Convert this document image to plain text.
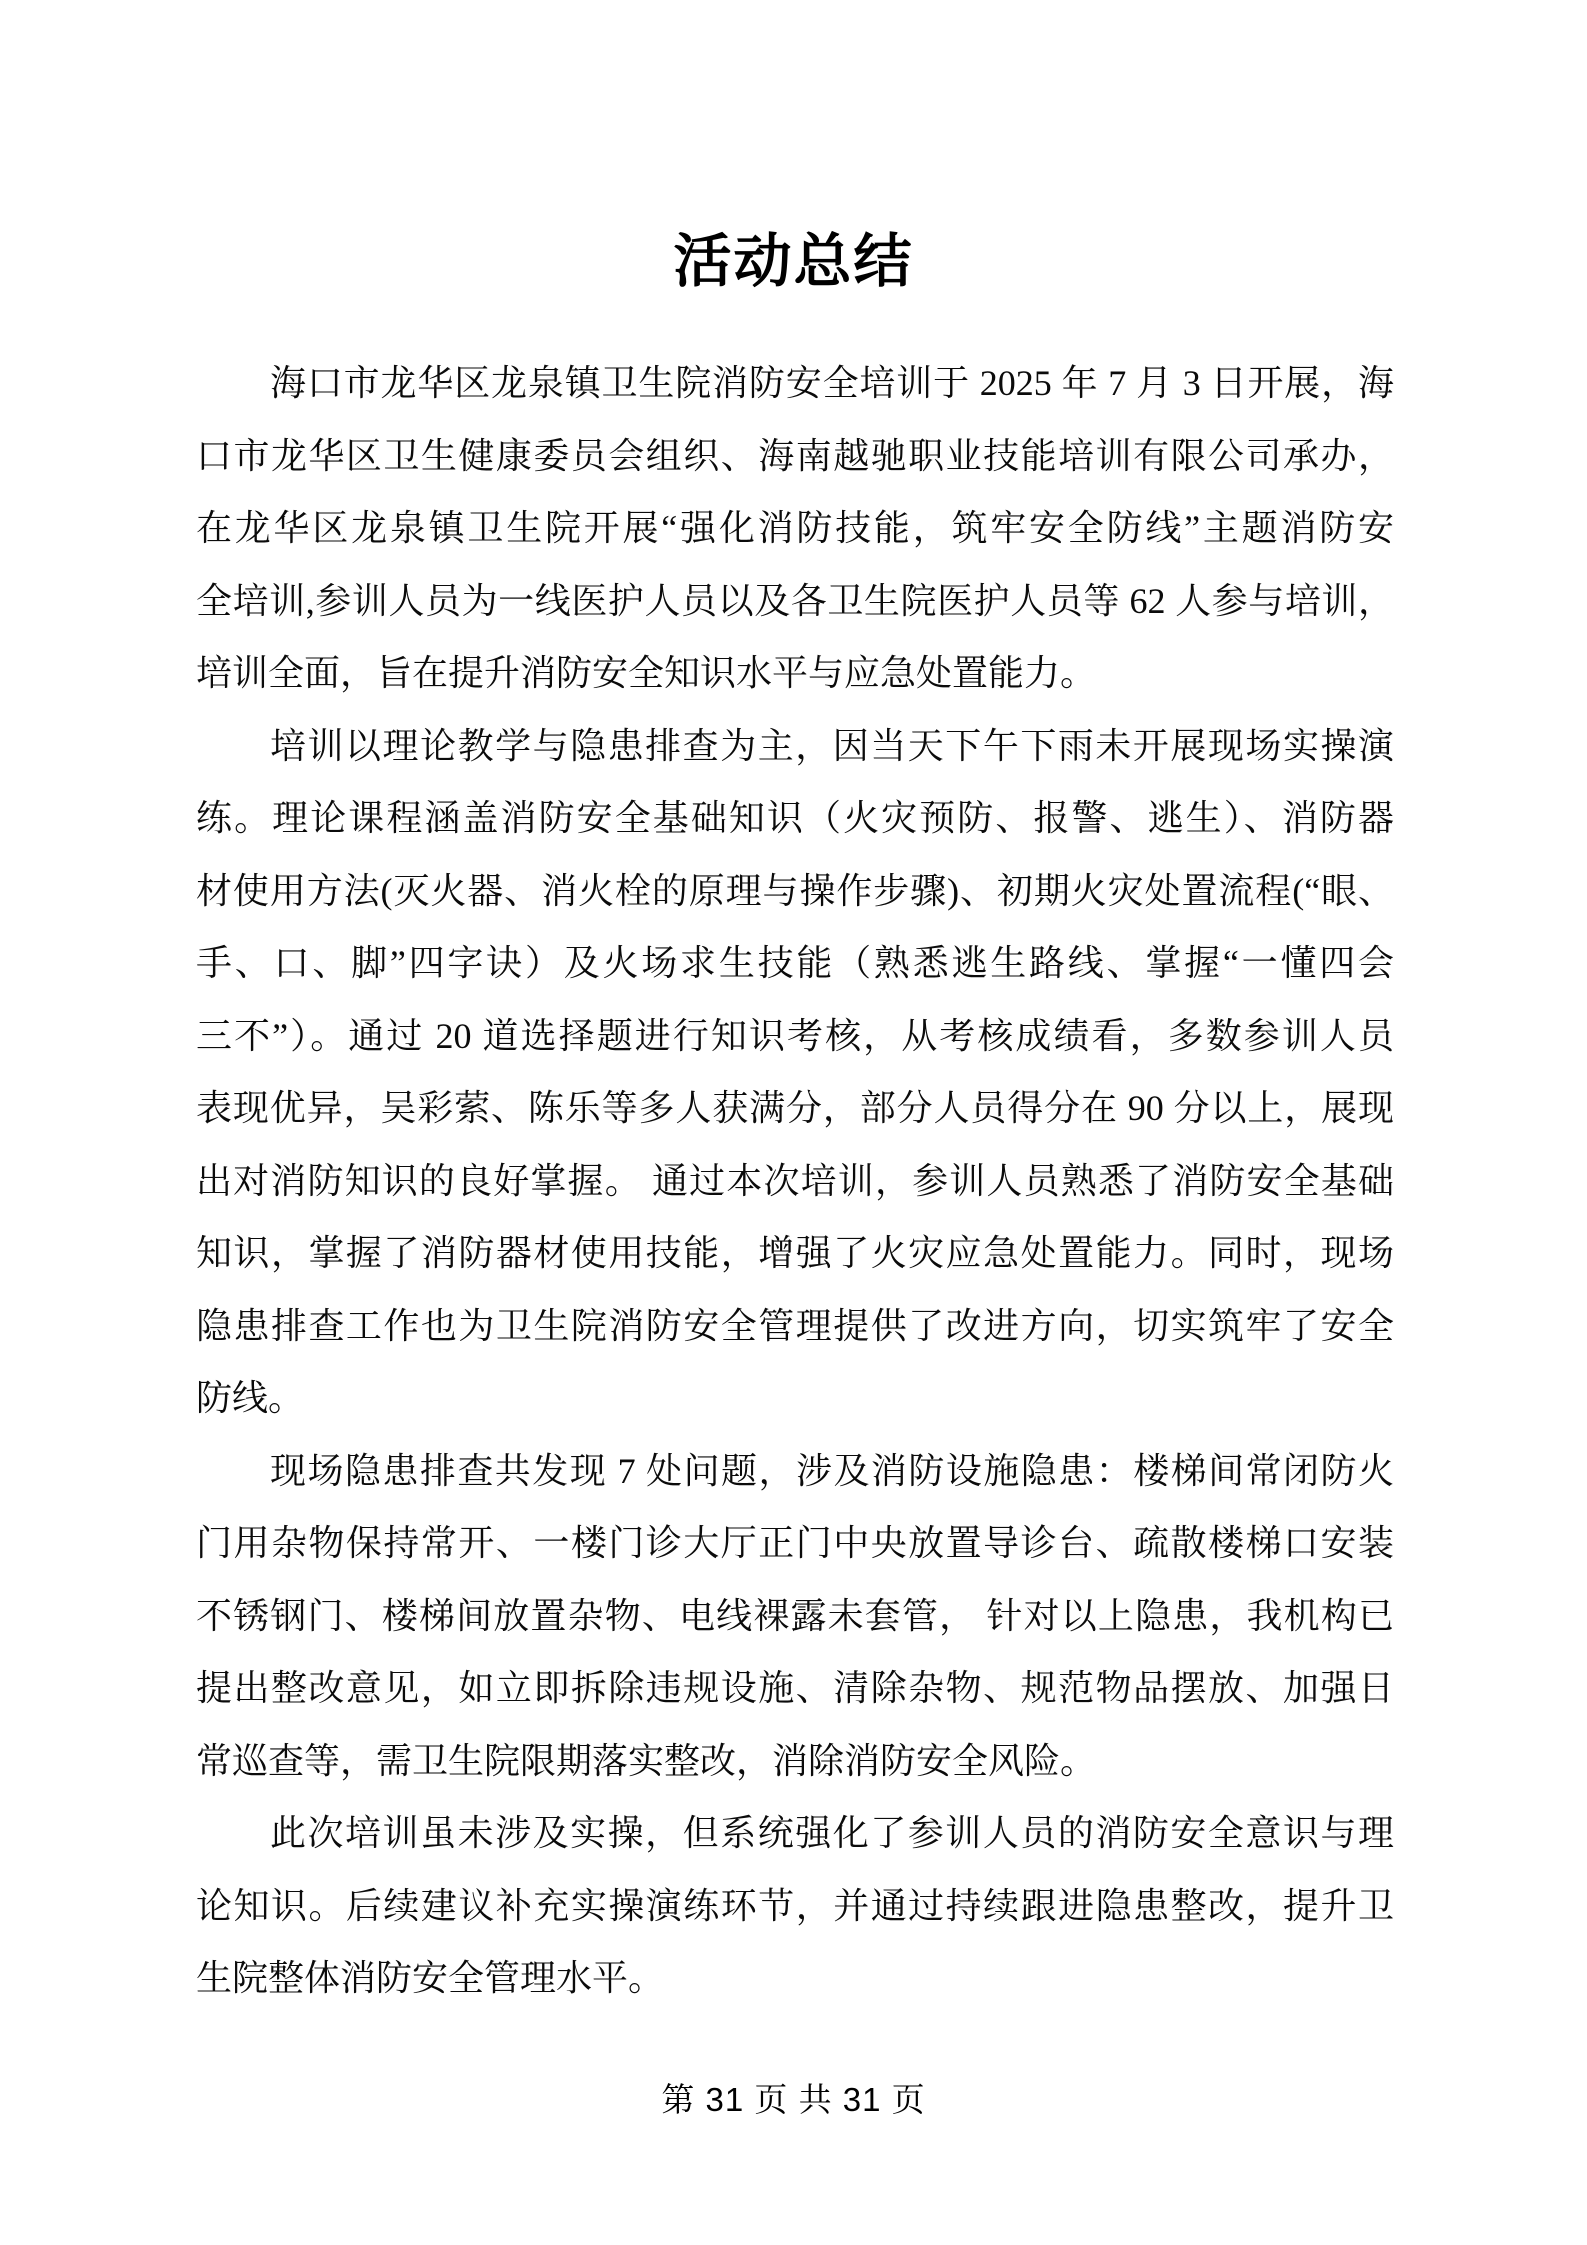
活动总结
海口市龙华区龙泉镇卫生院消防安全培训于 2025 年 7 月 3 日开展，海
口市龙华区卫生健康委员会组织、海南越驰职业技能培训有限公司承办，
在龙华区龙泉镇卫生院开展“强化消防技能，筑牢安全防线”主题消防安
全培训,参训人员为一线医护人员以及各卫生院医护人员等 62 人参与培训，
培训全面，旨在提升消防安全知识水平与应急处置能力。
培训以理论教学与隐患排查为主，因当天下午下雨未开展现场实操演
练。理论课程涵盖消防安全基础知识（火灾预防、报警、逃生）、消防器
材使用方法(灭火器、消火栓的原理与操作步骤)、初期火灾处置流程(“眼、
手、口、脚”四字诀）及火场求生技能（熟悉逃生路线、掌握“一懂四会
三不”）。通过 20 道选择题进行知识考核，从考核成绩看，多数参训人员
表现优异，吴彩萦、陈乐等多人获满分，部分人员得分在 90 分以上，展现
出对消防知识的良好掌握。 通过本次培训，参训人员熟悉了消防安全基础
知识，掌握了消防器材使用技能，增强了火灾应急处置能力。同时，现场
隐患排查工作也为卫生院消防安全管理提供了改进方向，切实筑牢了安全
防线。
现场隐患排查共发现 7 处问题，涉及消防设施隐患：楼梯间常闭防火
门用杂物保持常开、一楼门诊大厅正门中央放置导诊台、疏散楼梯口安装
不锈钢门、楼梯间放置杂物、电线裸露未套管， 针对以上隐患，我机构已
提出整改意见，如立即拆除违规设施、清除杂物、规范物品摆放、加强日
常巡查等，需卫生院限期落实整改，消除消防安全风险。
此次培训虽未涉及实操，但系统强化了参训人员的消防安全意识与理
论知识。后续建议补充实操演练环节，并通过持续跟进隐患整改，提升卫
生院整体消防安全管理水平。
第 31 页 共 31 页
